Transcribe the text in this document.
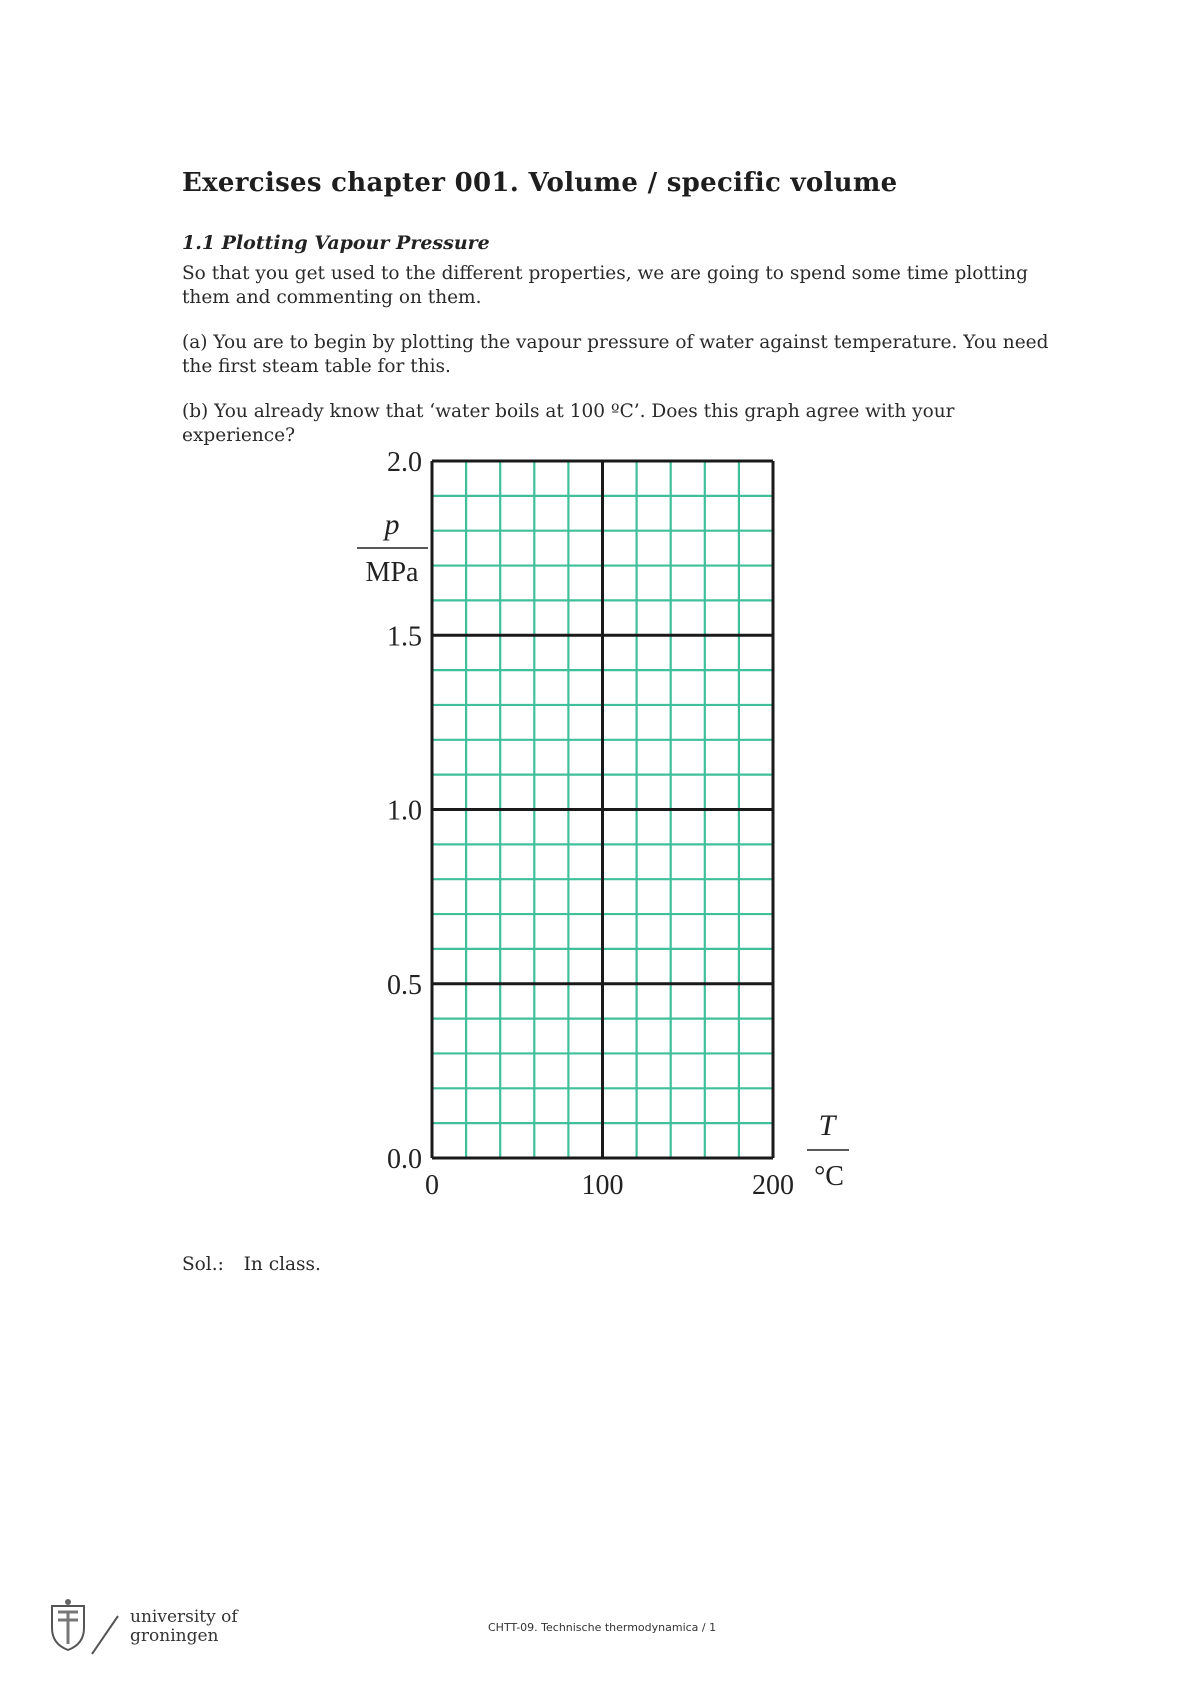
Exercises chapter 001. Volume / specific volume
1.1 Plotting Vapour Pressure
So that you get used to the different properties, we are going to spend some time plotting them and commenting on them.
(a) You are to begin by plotting the vapour pressure of water against temperature. You need the first steam table for this.
(b) You already know that ‘water boils at 100 ºC’. Does this graph agree with your experience?
0	100	200
0.0
0.5
1.0
1.5
2.0
p
MPa
T
°C
Sol.: In class.
university of
groningen	CHTT-09. Technische thermodynamica / 1
